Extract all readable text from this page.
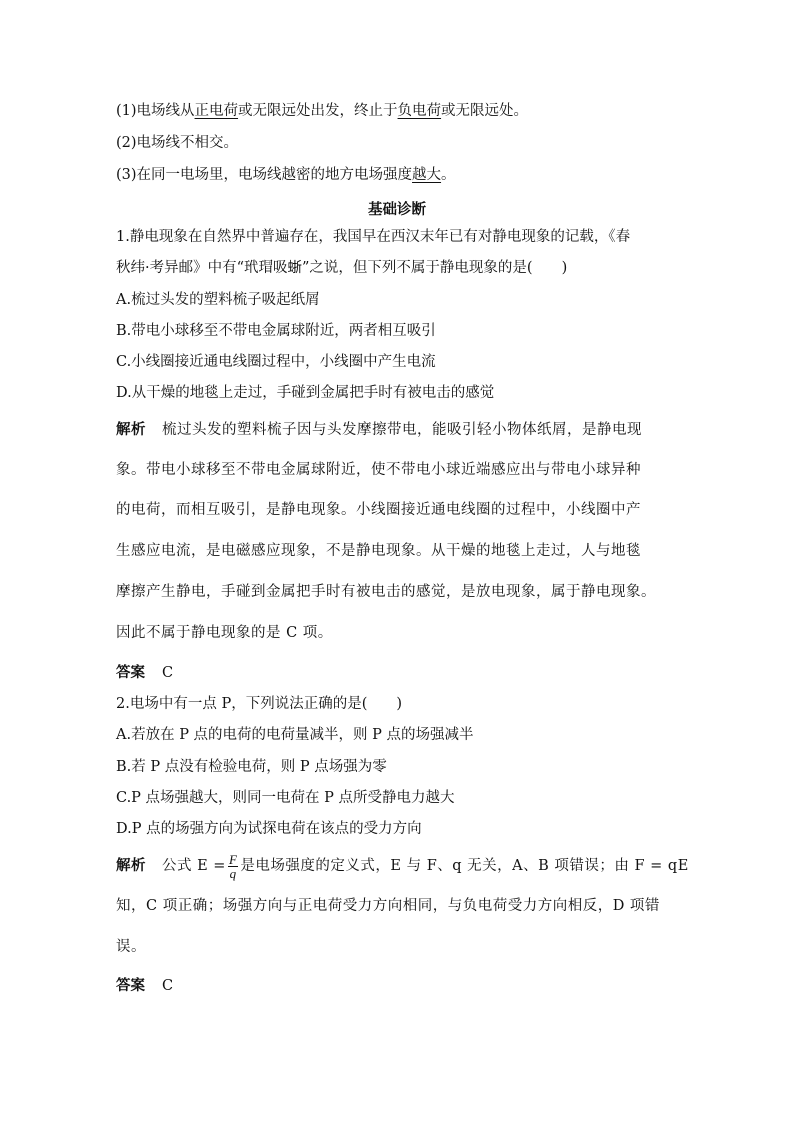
(1)电场线从正电荷或无限远处出发，终止于负电荷或无限远处。
(2)电场线不相交。
(3)在同一电场里，电场线越密的地方电场强度越大。
基础诊断
1.静电现象在自然界中普遍存在，我国早在西汉末年已有对静电现象的记载，《春
秋纬·考异邮》中有“玳瑁吸𧋍”之说，但下列不属于静电现象的是(　　)
A.梳过头发的塑料梳子吸起纸屑
B.带电小球移至不带电金属球附近，两者相互吸引
C.小线圈接近通电线圈过程中，小线圈中产生电流
D.从干燥的地毯上走过，手碰到金属把手时有被电击的感觉
解析 梳过头发的塑料梳子因与头发摩擦带电，能吸引轻小物体纸屑，是静电现
象。带电小球移至不带电金属球附近，使不带电小球近端感应出与带电小球异种
的电荷，而相互吸引，是静电现象。小线圈接近通电线圈的过程中，小线圈中产
生感应电流，是电磁感应现象，不是静电现象。从干燥的地毯上走过，人与地毯
摩擦产生静电，手碰到金属把手时有被电击的感觉，是放电现象，属于静电现象。
因此不属于静电现象的是 C 项。
答案 C
2.电场中有一点 P，下列说法正确的是(　　)
A.若放在 P 点的电荷的电荷量减半，则 P 点的场强减半
B.若 P 点没有检验电荷，则 P 点场强为零
C.P 点场强越大，则同一电荷在 P 点所受静电力越大
D.P 点的场强方向为试探电荷在该点的受力方向
解析 公式 $E = \frac{F}{q}$ 是电场强度的定义式，E 与 F、q 无关，A、B 项错误；由 F = qE
知，C 项正确；场强方向与正电荷受力方向相同，与负电荷受力方向相反，D 项错
误。
答案 C
